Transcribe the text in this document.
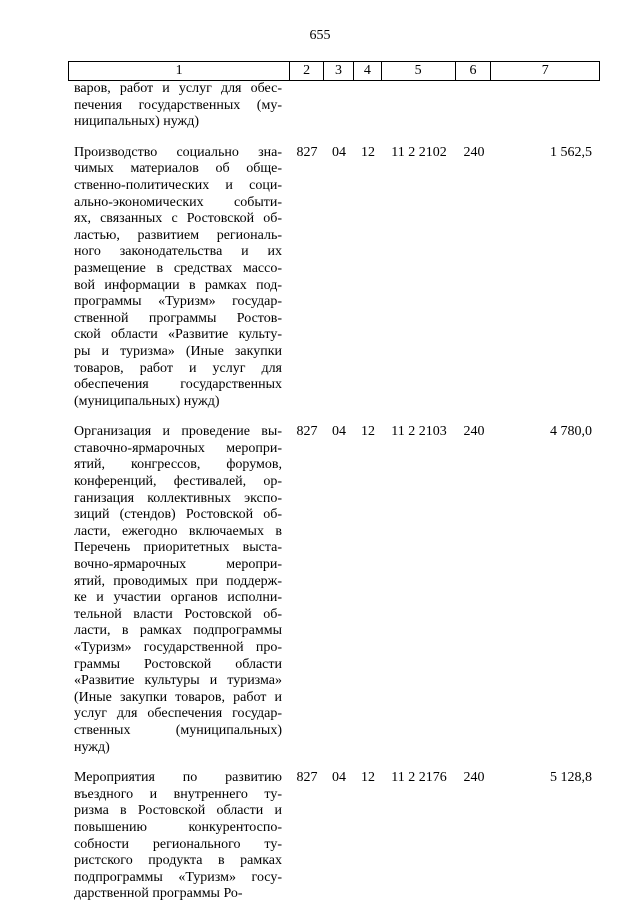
655
1	2	3	4	5	6	7
варов, работ и услуг для обес-
печения государственных (му-
ниципальных) нужд)
Производство социально зна-
чимых материалов об обще-
ственно-политических и соци-
ально-экономических событи-
ях, связанных с Ростовской об-
ластью, развитием региональ-
ного законодательства и их
размещение в средствах массо-
вой информации в рамках под-
программы «Туризм» государ-
ственной программы Ростов-
ской области «Развитие культу-
ры и туризма» (Иные закупки
товаров, работ и услуг для
обеспечения государственных
(муниципальных) нужд)
827	04	12	11 2 2102	240	1 562,5
Организация и проведение вы-
ставочно-ярмарочных меропри-
ятий, конгрессов, форумов,
конференций, фестивалей, ор-
ганизация коллективных экспо-
зиций (стендов) Ростовской об-
ласти, ежегодно включаемых в
Перечень приоритетных выста-
вочно-ярмарочных меропри-
ятий, проводимых при поддерж-
ке и участии органов исполни-
тельной власти Ростовской об-
ласти, в рамках подпрограммы
«Туризм» государственной про-
граммы Ростовской области
«Развитие культуры и туризма»
(Иные закупки товаров, работ и
услуг для обеспечения государ-
ственных (муниципальных)
нужд)
827	04	12	11 2 2103	240	4 780,0
Мероприятия по развитию
въездного и внутреннего ту-
ризма в Ростовской области и
повышению конкурентоспо-
собности регионального ту-
ристского продукта в рамках
подпрограммы «Туризм» госу-
дарственной программы Ро-
827	04	12	11 2 2176	240	5 128,8
